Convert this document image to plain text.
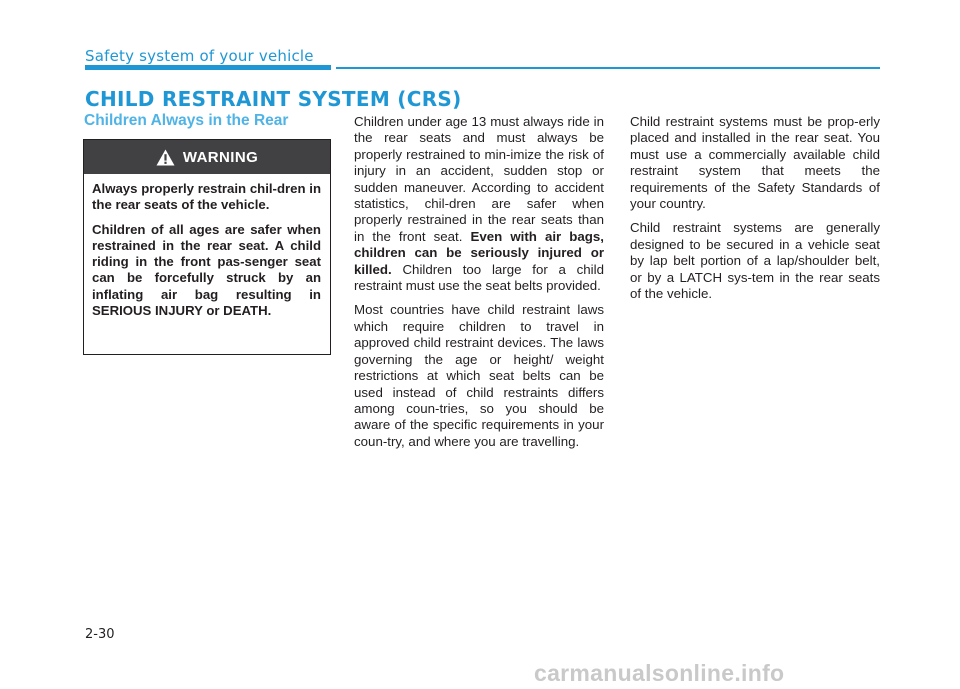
Safety system of your vehicle
CHILD RESTRAINT SYSTEM (CRS)
Children Always in the Rear
WARNING

Always properly restrain chil-dren in the rear seats of the vehicle.

Children of all ages are safer when restrained in the rear seat. A child riding in the front pas-senger seat can be forcefully struck by an inflating air bag resulting in SERIOUS INJURY or DEATH.

Children under age 13 must always ride in the rear seats and must always be properly restrained to min-imize the risk of injury in an accident, sudden stop or sudden maneuver. According to accident statistics, chil-dren are safer when properly restrained in the rear seats than in the front seat. Even with air bags, children can be seriously injured or killed. Children too large for a child restraint must use the seat belts provided.

Most countries have child restraint laws which require children to travel in approved child restraint devices. The laws governing the age or height/ weight restrictions at which seat belts can be used instead of child restraints differs among coun-tries, so you should be aware of the specific requirements in your coun-try, and where you are travelling.

Child restraint systems must be prop-erly placed and installed in the rear seat. You must use a commercially available child restraint system that meets the requirements of the Safety Standards of your country.

Child restraint systems are generally designed to be secured in a vehicle seat by lap belt portion of a lap/shoulder belt, or by a LATCH sys-tem in the rear seats of the vehicle.

2-30
carmanualsonline.info
